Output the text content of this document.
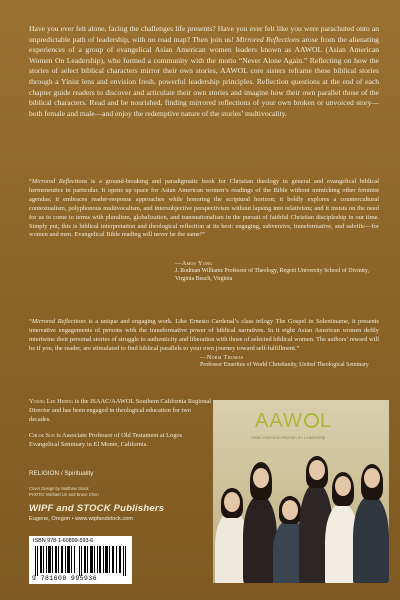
Have you ever felt alone, facing the challenges life presents? Have you ever felt like you were parachuted onto an unpredictable path of leadership, with no road map? Then join us! Mirrored Reflections arose from the alienating experiences of a group of evangelical Asian American women leaders known as AAWOL (Asian American Women On Leadership), who formed a community with the motto “Never Alone Again.” Reflecting on how the stories of select biblical characters mirror their own stories, AAWOL core sisters reframe these biblical stories through a Yinist lens and envision fresh, powerful leadership principles. Reflection questions at the end of each chapter guide readers to discover and articulate their own stories and imagine how their own parallel those of the biblical characters. Read and be nourished, finding mirrored reflections of your own broken or unvoiced story—both female and male—and enjoy the redemptive nature of the stories’ multivocality.

“Mirrored Reflections is a ground-breaking and paradigmatic book for Christian theology in general and evangelical biblical hermeneutics in particular. It opens up space for Asian American women’s readings of the Bible without mimicking other feminist agendas; it embraces reader-response approaches while honoring the scriptural horizon; it boldly explores a countercultural contextualism, polyphonous multivocalism, and intersubjective perspectivism without lapsing into relativism; and it insists on the need for us to come to terms with pluralism, globalization, and transnationalism in the pursuit of faithful Christian discipleship in our time. Simply put, this is biblical interpretation and theological reflection at its best: engaging, subversive, transformative, and salvific—for women and men. Evangelical Bible reading will never be the same!”

—Amos Yong
J. Rodman Williams Professor of Theology, Regent University School of Divinity, Virginia Beach, Virginia

“Mirrored Reflections is a unique and engaging work. Like Ernesto Cardenal’s class trilogy The Gospel in Solentiname, it presents innovative engagements of persons with the transformative power of biblical narratives. In it eight Asian American women deftly intertwine their personal stories of struggle to authenticity and liberation with those of selected biblical women. The authors’ reward will be if you, the reader, are stimulated to find biblical parallels to your own journey toward self-fulfillment.”

—Norm Thomas
Professor Emeritus of World Christianity, United Theological Seminary

Young Lee Hertig is the ISAAC/AAWOL Southern California Regional Director and has been engaged in theological education for two decades.

Chloe Sun is Associate Professor of Old Testament at Logos Evangelical Seminary in El Monte, California.

RELIGION / Spirituality

Cover Design by Matthew Stock
PHOTO: Michael Lin and Bruce Chen

WIPF and STOCK Publishers

Eugene, Oregon • www.wipfandstock.com

ISBN 978-1-60899-593-6
9 781608 995936
AAW L
Asian American Women on Leadership
